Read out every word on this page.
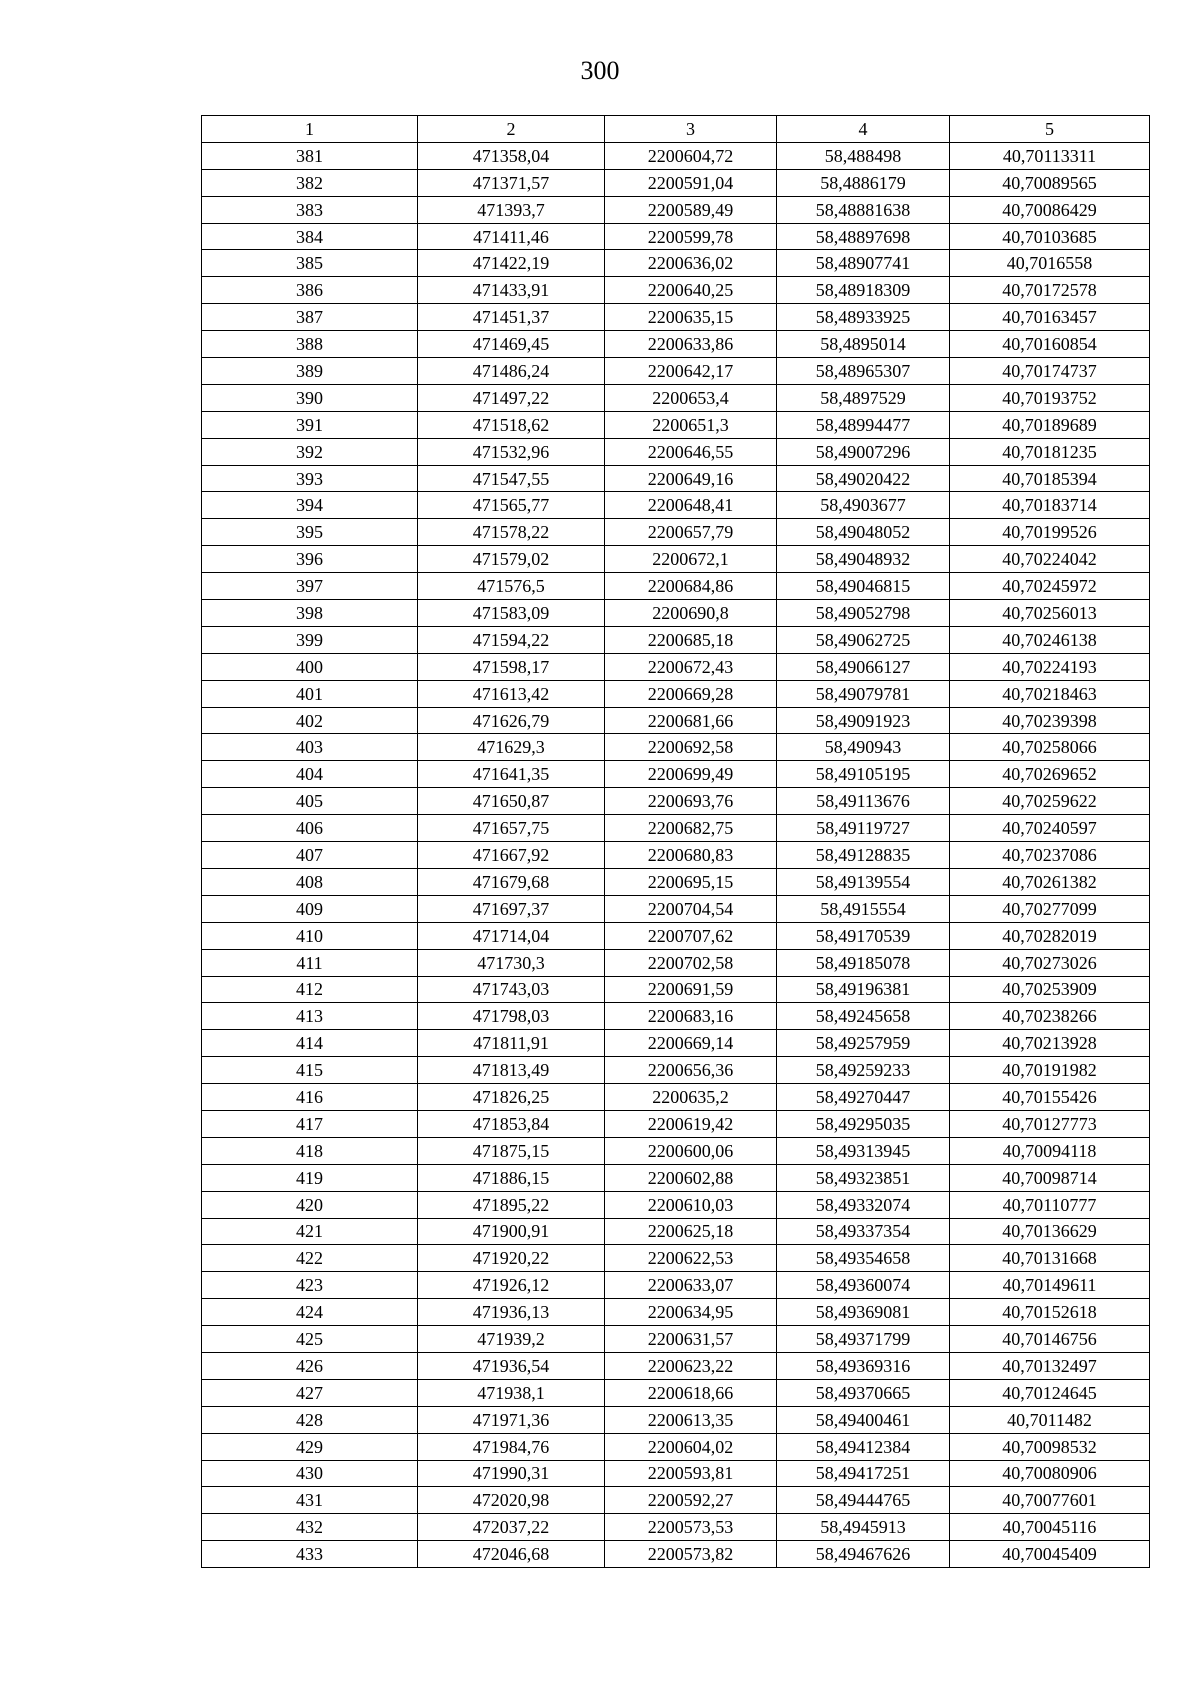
300
1	2	3	4	5
381	471358,04	2200604,72	58,488498	40,70113311
382	471371,57	2200591,04	58,4886179	40,70089565
383	471393,7	2200589,49	58,48881638	40,70086429
384	471411,46	2200599,78	58,48897698	40,70103685
385	471422,19	2200636,02	58,48907741	40,7016558
386	471433,91	2200640,25	58,48918309	40,70172578
387	471451,37	2200635,15	58,48933925	40,70163457
388	471469,45	2200633,86	58,4895014	40,70160854
389	471486,24	2200642,17	58,48965307	40,70174737
390	471497,22	2200653,4	58,4897529	40,70193752
391	471518,62	2200651,3	58,48994477	40,70189689
392	471532,96	2200646,55	58,49007296	40,70181235
393	471547,55	2200649,16	58,49020422	40,70185394
394	471565,77	2200648,41	58,4903677	40,70183714
395	471578,22	2200657,79	58,49048052	40,70199526
396	471579,02	2200672,1	58,49048932	40,70224042
397	471576,5	2200684,86	58,49046815	40,70245972
398	471583,09	2200690,8	58,49052798	40,70256013
399	471594,22	2200685,18	58,49062725	40,70246138
400	471598,17	2200672,43	58,49066127	40,70224193
401	471613,42	2200669,28	58,49079781	40,70218463
402	471626,79	2200681,66	58,49091923	40,70239398
403	471629,3	2200692,58	58,490943	40,70258066
404	471641,35	2200699,49	58,49105195	40,70269652
405	471650,87	2200693,76	58,49113676	40,70259622
406	471657,75	2200682,75	58,49119727	40,70240597
407	471667,92	2200680,83	58,49128835	40,70237086
408	471679,68	2200695,15	58,49139554	40,70261382
409	471697,37	2200704,54	58,4915554	40,70277099
410	471714,04	2200707,62	58,49170539	40,70282019
411	471730,3	2200702,58	58,49185078	40,70273026
412	471743,03	2200691,59	58,49196381	40,70253909
413	471798,03	2200683,16	58,49245658	40,70238266
414	471811,91	2200669,14	58,49257959	40,70213928
415	471813,49	2200656,36	58,49259233	40,70191982
416	471826,25	2200635,2	58,49270447	40,70155426
417	471853,84	2200619,42	58,49295035	40,70127773
418	471875,15	2200600,06	58,49313945	40,70094118
419	471886,15	2200602,88	58,49323851	40,70098714
420	471895,22	2200610,03	58,49332074	40,70110777
421	471900,91	2200625,18	58,49337354	40,70136629
422	471920,22	2200622,53	58,49354658	40,70131668
423	471926,12	2200633,07	58,49360074	40,70149611
424	471936,13	2200634,95	58,49369081	40,70152618
425	471939,2	2200631,57	58,49371799	40,70146756
426	471936,54	2200623,22	58,49369316	40,70132497
427	471938,1	2200618,66	58,49370665	40,70124645
428	471971,36	2200613,35	58,49400461	40,7011482
429	471984,76	2200604,02	58,49412384	40,70098532
430	471990,31	2200593,81	58,49417251	40,70080906
431	472020,98	2200592,27	58,49444765	40,70077601
432	472037,22	2200573,53	58,4945913	40,70045116
433	472046,68	2200573,82	58,49467626	40,70045409
